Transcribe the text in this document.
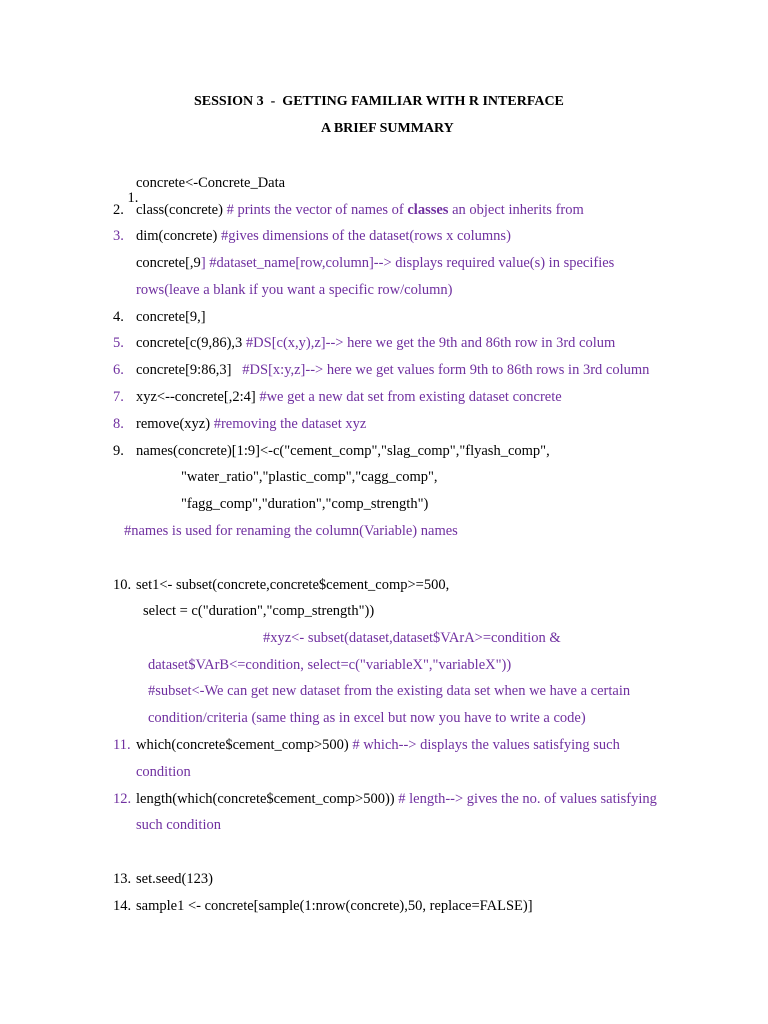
SESSION 3  -  GETTING FAMILIAR WITH R INTERFACE
A BRIEF SUMMARY

1.

concrete<-Concrete_Data
2. class(concrete) # prints the vector of names of classes an object inherits from
3. dim(concrete) #gives dimensions of the dataset(rows x columns)
concrete[,9] #dataset_name[row,column]--> displays required value(s) in specifies
rows(leave a blank if you want a specific row/column)
4. concrete[9,]
5. concrete[c(9,86),3 #DS[c(x,y),z]--> here we get the 9th and 86th row in 3rd colum
6. concrete[9:86,3]   #DS[x:y,z]--> here we get values form 9th to 86th rows in 3rd column
7. xyz<--concrete[,2:4] #we get a new dat set from existing dataset concrete
8. remove(xyz) #removing the dataset xyz
9. names(concrete)[1:9]<-c("cement_comp","slag_comp","flyash_comp",
"water_ratio","plastic_comp","cagg_comp",
"fagg_comp","duration","comp_strength")
#names is used for renaming the column(Variable) names
10. set1<- subset(concrete,concrete$cement_comp>=500,
select = c("duration","comp_strength"))
#xyz<- subset(dataset,dataset$VArA>=condition &
dataset$VArB<=condition, select=c("variableX","variableX"))
#subset<-We can get new dataset from the existing data set when we have a certain
condition/criteria (same thing as in excel but now you have to write a code)
11. which(concrete$cement_comp>500) # which--> displays the values satisfying such
condition
12. length(which(concrete$cement_comp>500)) # length--> gives the no. of values satisfying
such condition
13. set.seed(123)
14. sample1 <- concrete[sample(1:nrow(concrete),50, replace=FALSE)]
